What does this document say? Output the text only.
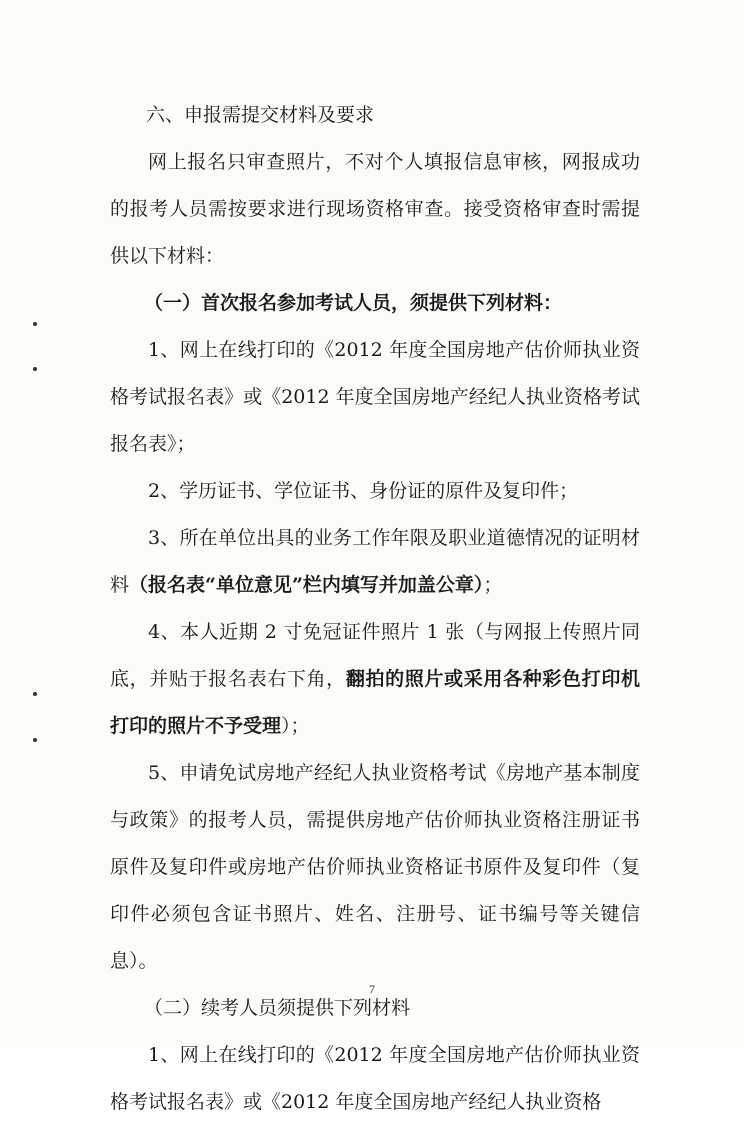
六、申报需提交材料及要求

网上报名只审查照片，不对个人填报信息审核，网报成功的报考人员需按要求进行现场资格审查。接受资格审查时需提供以下材料：

（一）首次报名参加考试人员，须提供下列材料：

1、网上在线打印的《2012 年度全国房地产估价师执业资格考试报名表》或《2012 年度全国房地产经纪人执业资格考试报名表》；

2、学历证书、学位证书、身份证的原件及复印件；

3、所在单位出具的业务工作年限及职业道德情况的证明材料（报名表“单位意见”栏内填写并加盖公章）；

4、本人近期 2 寸免冠证件照片 1 张（与网报上传照片同底，并贴于报名表右下角，翻拍的照片或采用各种彩色打印机打印的照片不予受理）；

5、申请免试房地产经纪人执业资格考试《房地产基本制度与政策》的报考人员，需提供房地产估价师执业资格注册证书原件及复印件或房地产估价师执业资格证书原件及复印件（复印件必须包含证书照片、姓名、注册号、证书编号等关键信息）。

（二）续考人员须提供下列材料

1、网上在线打印的《2012 年度全国房地产估价师执业资格考试报名表》或《2012 年度全国房地产经纪人执业资格

7
